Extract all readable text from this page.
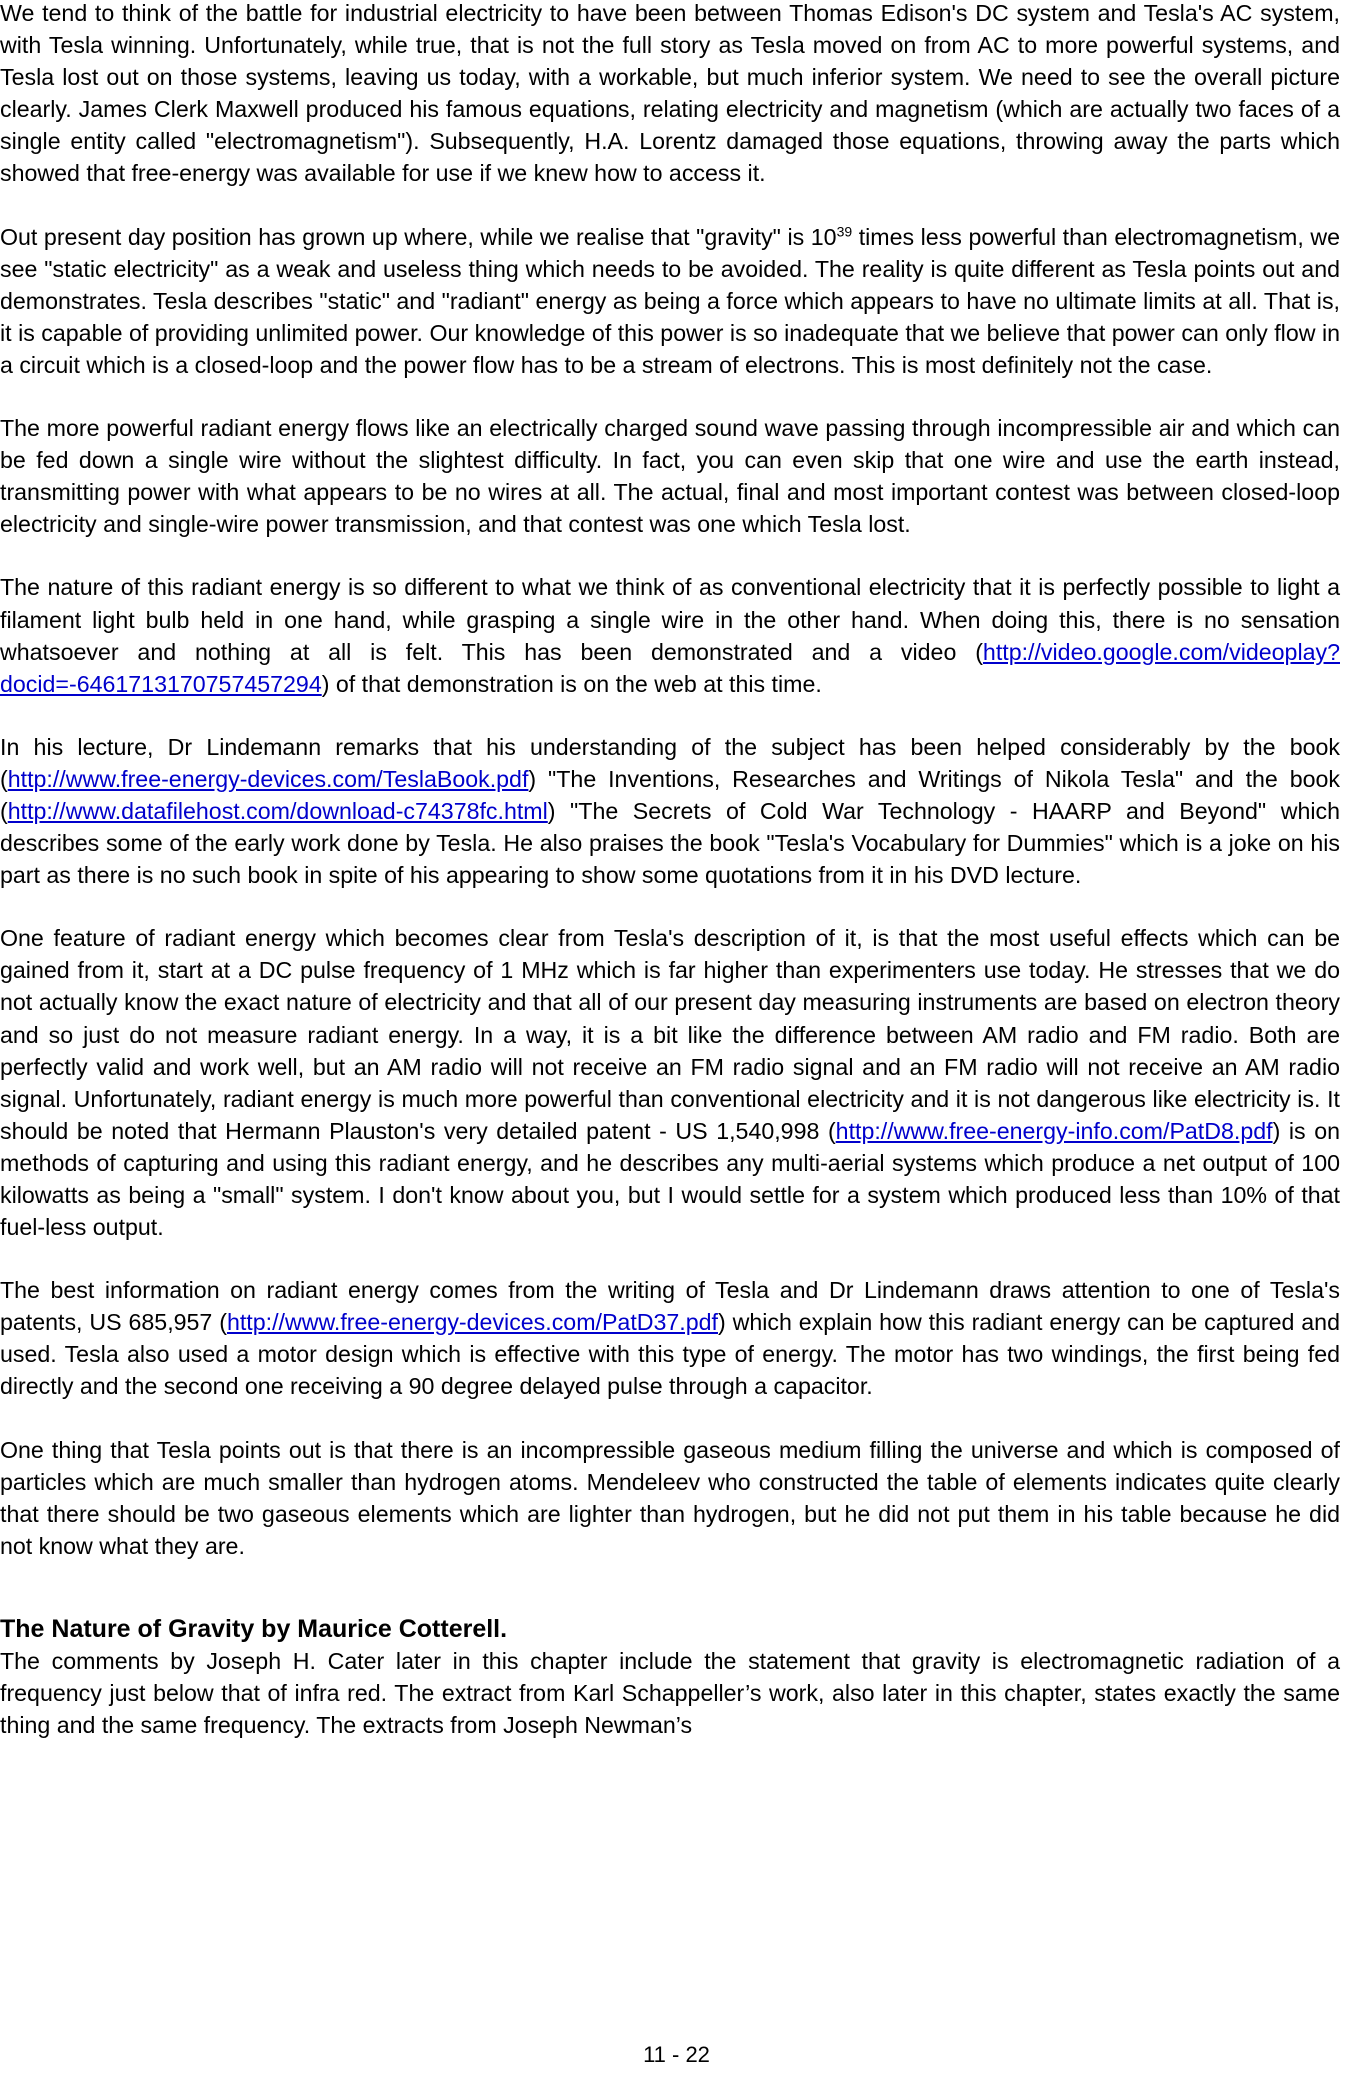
We tend to think of the battle for industrial electricity to have been between Thomas Edison's DC system and Tesla's AC system, with Tesla winning. Unfortunately, while true, that is not the full story as Tesla moved on from AC to more powerful systems, and Tesla lost out on those systems, leaving us today, with a workable, but much inferior system. We need to see the overall picture clearly. James Clerk Maxwell produced his famous equations, relating electricity and magnetism (which are actually two faces of a single entity called "electromagnetism"). Subsequently, H.A. Lorentz damaged those equations, throwing away the parts which showed that free-energy was available for use if we knew how to access it.

Out present day position has grown up where, while we realise that "gravity" is $10^{39}$ times less powerful than electromagnetism, we see "static electricity" as a weak and useless thing which needs to be avoided. The reality is quite different as Tesla points out and demonstrates. Tesla describes "static" and "radiant" energy as being a force which appears to have no ultimate limits at all. That is, it is capable of providing unlimited power. Our knowledge of this power is so inadequate that we believe that power can only flow in a circuit which is a closed-loop and the power flow has to be a stream of electrons. This is most definitely not the case.

The more powerful radiant energy flows like an electrically charged sound wave passing through incompressible air and which can be fed down a single wire without the slightest difficulty. In fact, you can even skip that one wire and use the earth instead, transmitting power with what appears to be no wires at all. The actual, final and most important contest was between closed-loop electricity and single-wire power transmission, and that contest was one which Tesla lost.

The nature of this radiant energy is so different to what we think of as conventional electricity that it is perfectly possible to light a filament light bulb held in one hand, while grasping a single wire in the other hand. When doing this, there is no sensation whatsoever and nothing at all is felt. This has been demonstrated and a video (http://video.google.com/videoplay?docid=-6461713170757457294) of that demonstration is on the web at this time.

In his lecture, Dr Lindemann remarks that his understanding of the subject has been helped considerably by the book (http://www.free-energy-devices.com/TeslaBook.pdf) "The Inventions, Researches and Writings of Nikola Tesla" and the book (http://www.datafilehost.com/download-c74378fc.html) "The Secrets of Cold War Technology - HAARP and Beyond" which describes some of the early work done by Tesla. He also praises the book "Tesla's Vocabulary for Dummies" which is a joke on his part as there is no such book in spite of his appearing to show some quotations from it in his DVD lecture.

One feature of radiant energy which becomes clear from Tesla's description of it, is that the most useful effects which can be gained from it, start at a DC pulse frequency of 1 MHz which is far higher than experimenters use today. He stresses that we do not actually know the exact nature of electricity and that all of our present day measuring instruments are based on electron theory and so just do not measure radiant energy. In a way, it is a bit like the difference between AM radio and FM radio. Both are perfectly valid and work well, but an AM radio will not receive an FM radio signal and an FM radio will not receive an AM radio signal. Unfortunately, radiant energy is much more powerful than conventional electricity and it is not dangerous like electricity is. It should be noted that Hermann Plauston's very detailed patent - US 1,540,998 (http://www.free-energy-info.com/PatD8.pdf) is on methods of capturing and using this radiant energy, and he describes any multi-aerial systems which produce a net output of 100 kilowatts as being a "small" system. I don't know about you, but I would settle for a system which produced less than 10% of that fuel-less output.

The best information on radiant energy comes from the writing of Tesla and Dr Lindemann draws attention to one of Tesla's patents, US 685,957 (http://www.free-energy-devices.com/PatD37.pdf) which explain how this radiant energy can be captured and used. Tesla also used a motor design which is effective with this type of energy. The motor has two windings, the first being fed directly and the second one receiving a 90 degree delayed pulse through a capacitor.

One thing that Tesla points out is that there is an incompressible gaseous medium filling the universe and which is composed of particles which are much smaller than hydrogen atoms. Mendeleev who constructed the table of elements indicates quite clearly that there should be two gaseous elements which are lighter than hydrogen, but he did not put them in his table because he did not know what they are.

The Nature of Gravity by Maurice Cotterell.

The comments by Joseph H. Cater later in this chapter include the statement that gravity is electromagnetic radiation of a frequency just below that of infra red. The extract from Karl Schappeller’s work, also later in this chapter, states exactly the same thing and the same frequency. The extracts from Joseph Newman’s

11 - 22
